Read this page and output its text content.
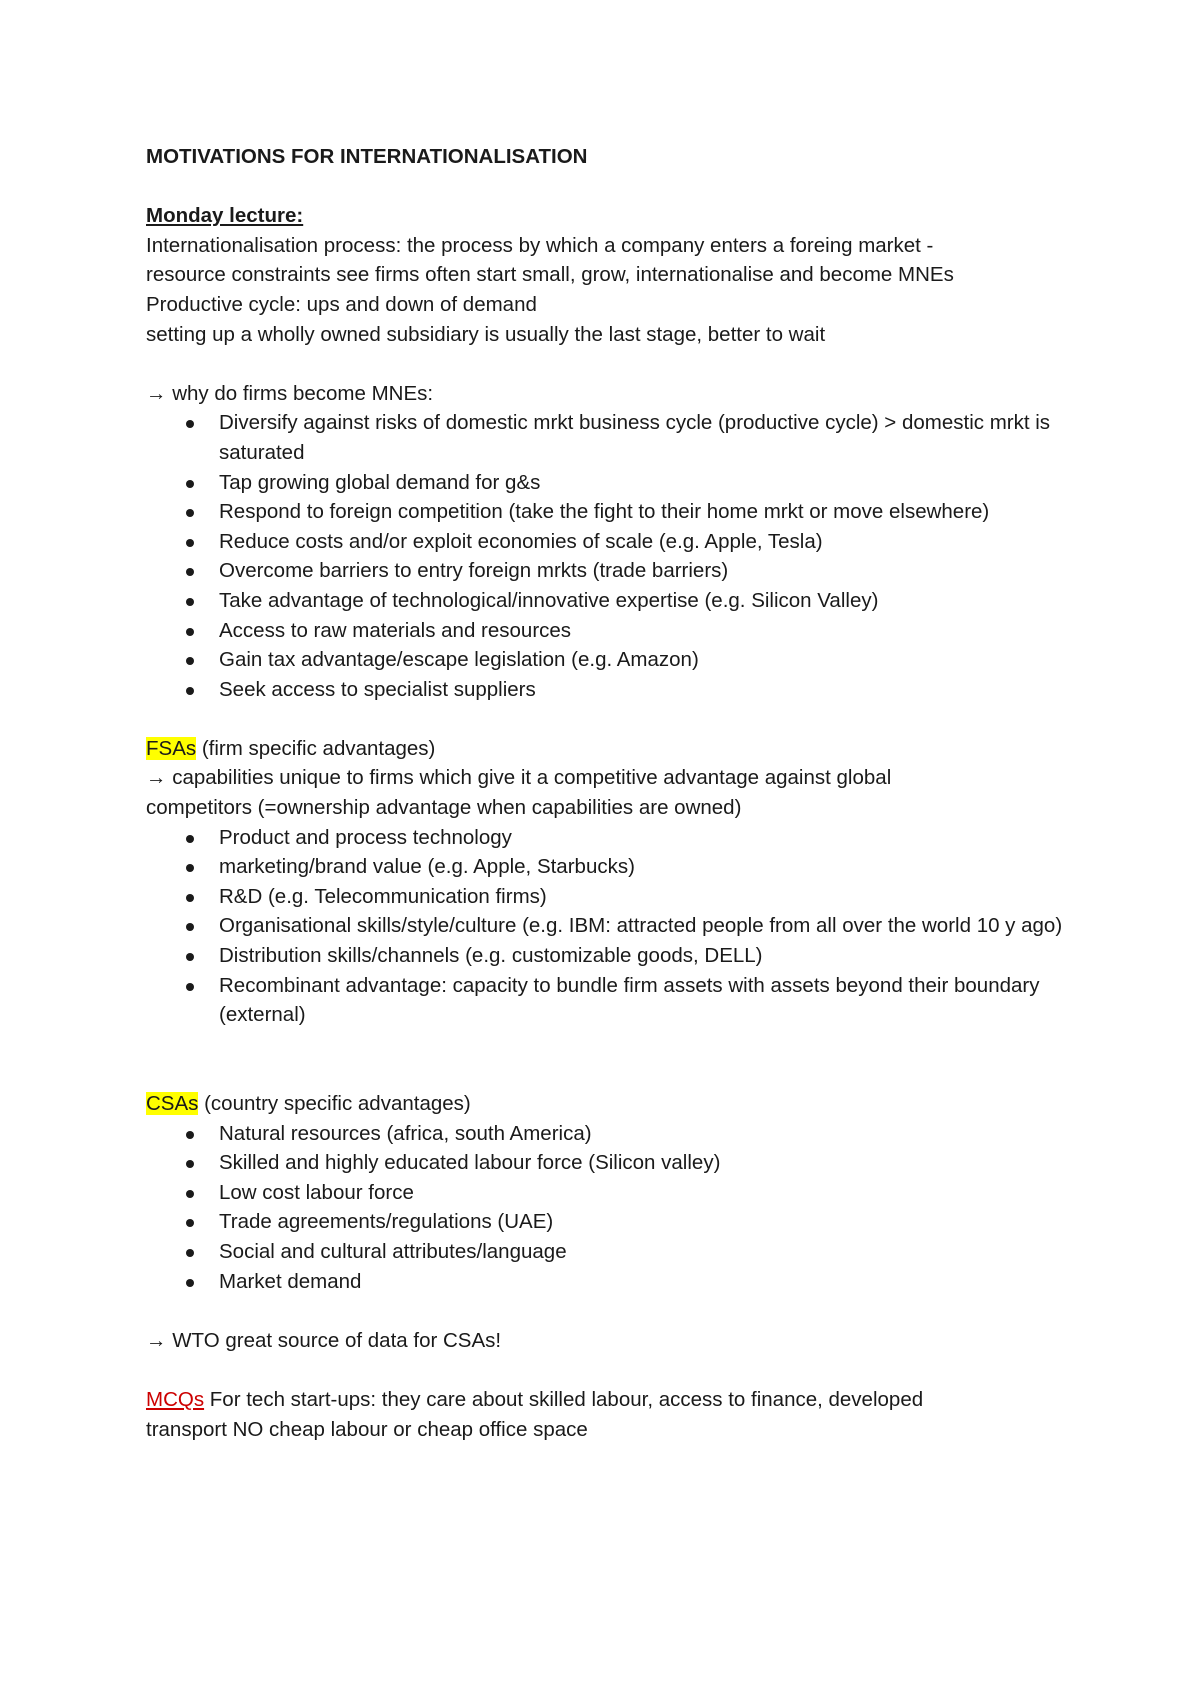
MOTIVATIONS FOR INTERNATIONALISATION

Monday lecture:

Internationalisation process: the process by which a company enters a foreing market -

resource constraints see firms often start small, grow, internationalise and become MNEs

Productive cycle: ups and down of demand

setting up a wholly owned subsidiary is usually the last stage, better to wait

→ why do firms become MNEs:

Diversify against risks of domestic mrkt business cycle (productive cycle) > domestic mrkt is saturated
Tap growing global demand for g&s
Respond to foreign competition (take the fight to their home mrkt or move elsewhere)
Reduce costs and/or exploit economies of scale (e.g. Apple, Tesla)
Overcome barriers to entry foreign mrkts (trade barriers)
Take advantage of technological/innovative expertise (e.g. Silicon Valley)
Access to raw materials and resources
Gain tax advantage/escape legislation (e.g. Amazon)
Seek access to specialist suppliers

FSAs (firm specific advantages)

→ capabilities unique to firms which give it a competitive advantage against global

competitors (=ownership advantage when capabilities are owned)

Product and process technology
marketing/brand value (e.g. Apple, Starbucks)
R&D (e.g. Telecommunication firms)
Organisational skills/style/culture (e.g. IBM: attracted people from all over the world 10 y ago)
Distribution skills/channels (e.g. customizable goods, DELL)
Recombinant advantage: capacity to bundle firm assets with assets beyond their boundary (external)

CSAs (country specific advantages)

Natural resources (africa, south America)
Skilled and highly educated labour force (Silicon valley)
Low cost labour force
Trade agreements/regulations (UAE)
Social and cultural attributes/language
Market demand

→ WTO great source of data for CSAs!

MCQs For tech start-ups: they care about skilled labour, access to finance, developed

transport NO cheap labour or cheap office space
